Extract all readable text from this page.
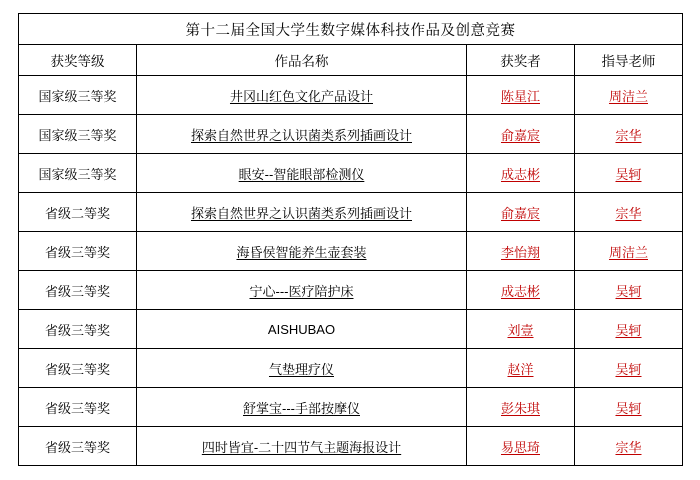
第十二届全国大学生数字媒体科技作品及创意竞赛			
获奖等级	作品名称	获奖者	指导老师
国家级三等奖	井冈山红色文化产品设计	陈星江	周洁兰
国家级三等奖	探索自然世界之认识菌类系列插画设计	俞嘉宸	宗华
国家级三等奖	眼安--智能眼部检测仪	成志彬	吴轲
省级二等奖	探索自然世界之认识菌类系列插画设计	俞嘉宸	宗华
省级三等奖	海昏侯智能养生壶套装	李怡翔	周洁兰
省级三等奖	宁心---医疗陪护床	成志彬	吴轲
省级三等奖	AISHUBAO	刘壹	吴轲
省级三等奖	气垫理疗仪	赵洋	吴轲
省级三等奖	舒掌宝---手部按摩仪	彭朱琪	吴轲
省级三等奖	四时皆宜-二十四节气主题海报设计	易思琦	宗华
